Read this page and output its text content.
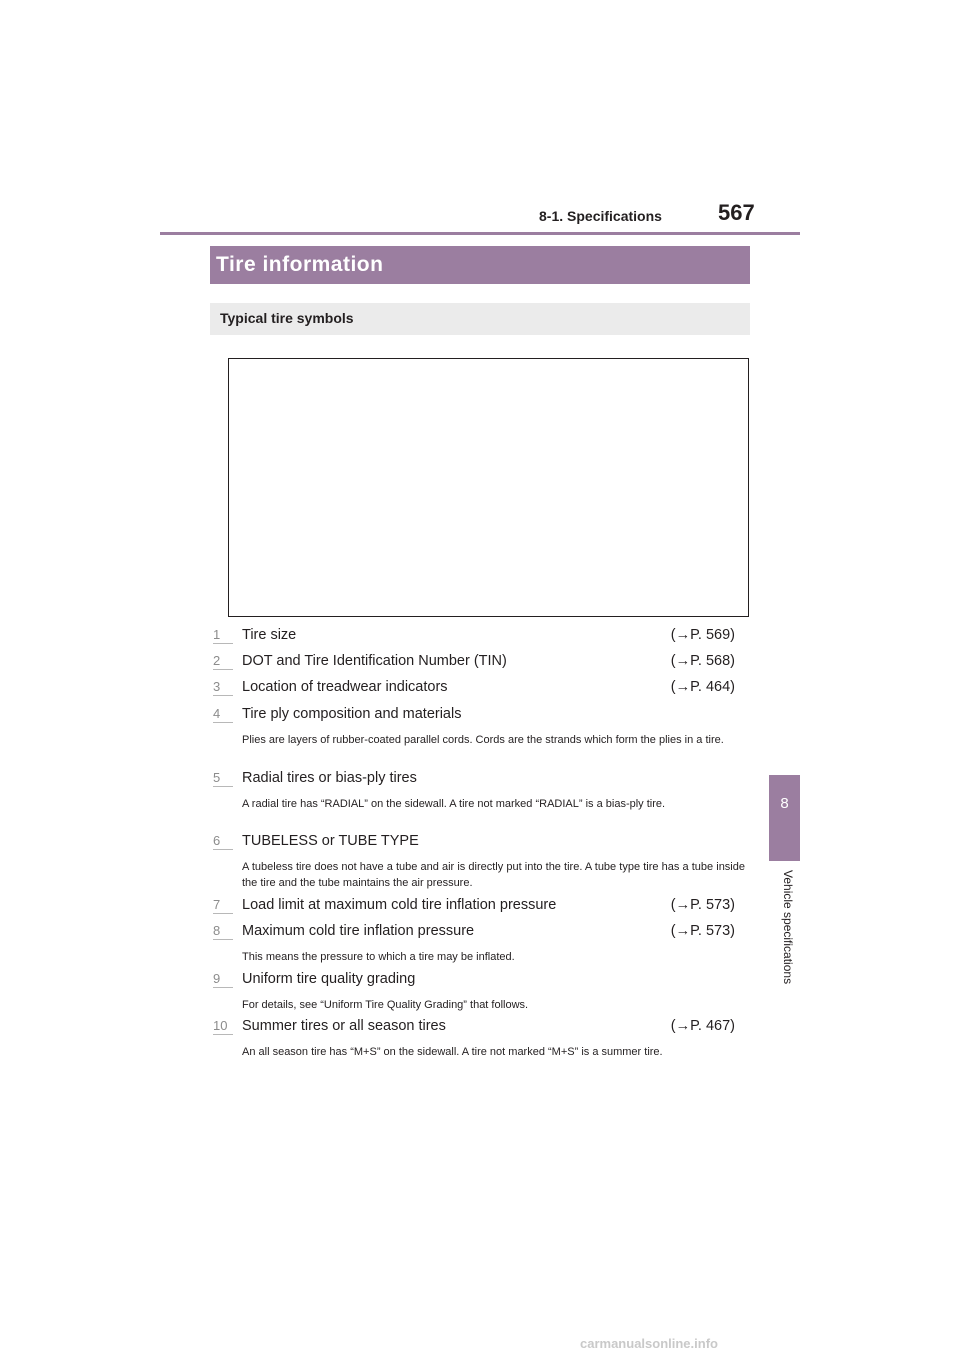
8-1. Specifications	567
8
Vehicle specifications
Tire information
Typical tire symbols
1	Tire size	(→P. 569)
2	DOT and Tire Identification Number (TIN)	(→P. 568)
3	Location of treadwear indicators	(→P. 464)
4	Tire ply composition and materials
Plies are layers of rubber-coated parallel cords. Cords are the strands which form the plies in a tire.
5	Radial tires or bias-ply tires
A radial tire has “RADIAL” on the sidewall. A tire not marked “RADIAL” is a bias-ply tire.
6	TUBELESS or TUBE TYPE
A tubeless tire does not have a tube and air is directly put into the tire. A tube type tire has a tube inside the tire and the tube maintains the air pressure.
7	Load limit at maximum cold tire inflation pressure	(→P. 573)
8	Maximum cold tire inflation pressure	(→P. 573)
This means the pressure to which a tire may be inflated.
9	Uniform tire quality grading
For details, see “Uniform Tire Quality Grading” that follows.
10	Summer tires or all season tires	(→P. 467)
An all season tire has “M+S” on the sidewall. A tire not marked “M+S” is a summer tire.
carmanualsonline.info
